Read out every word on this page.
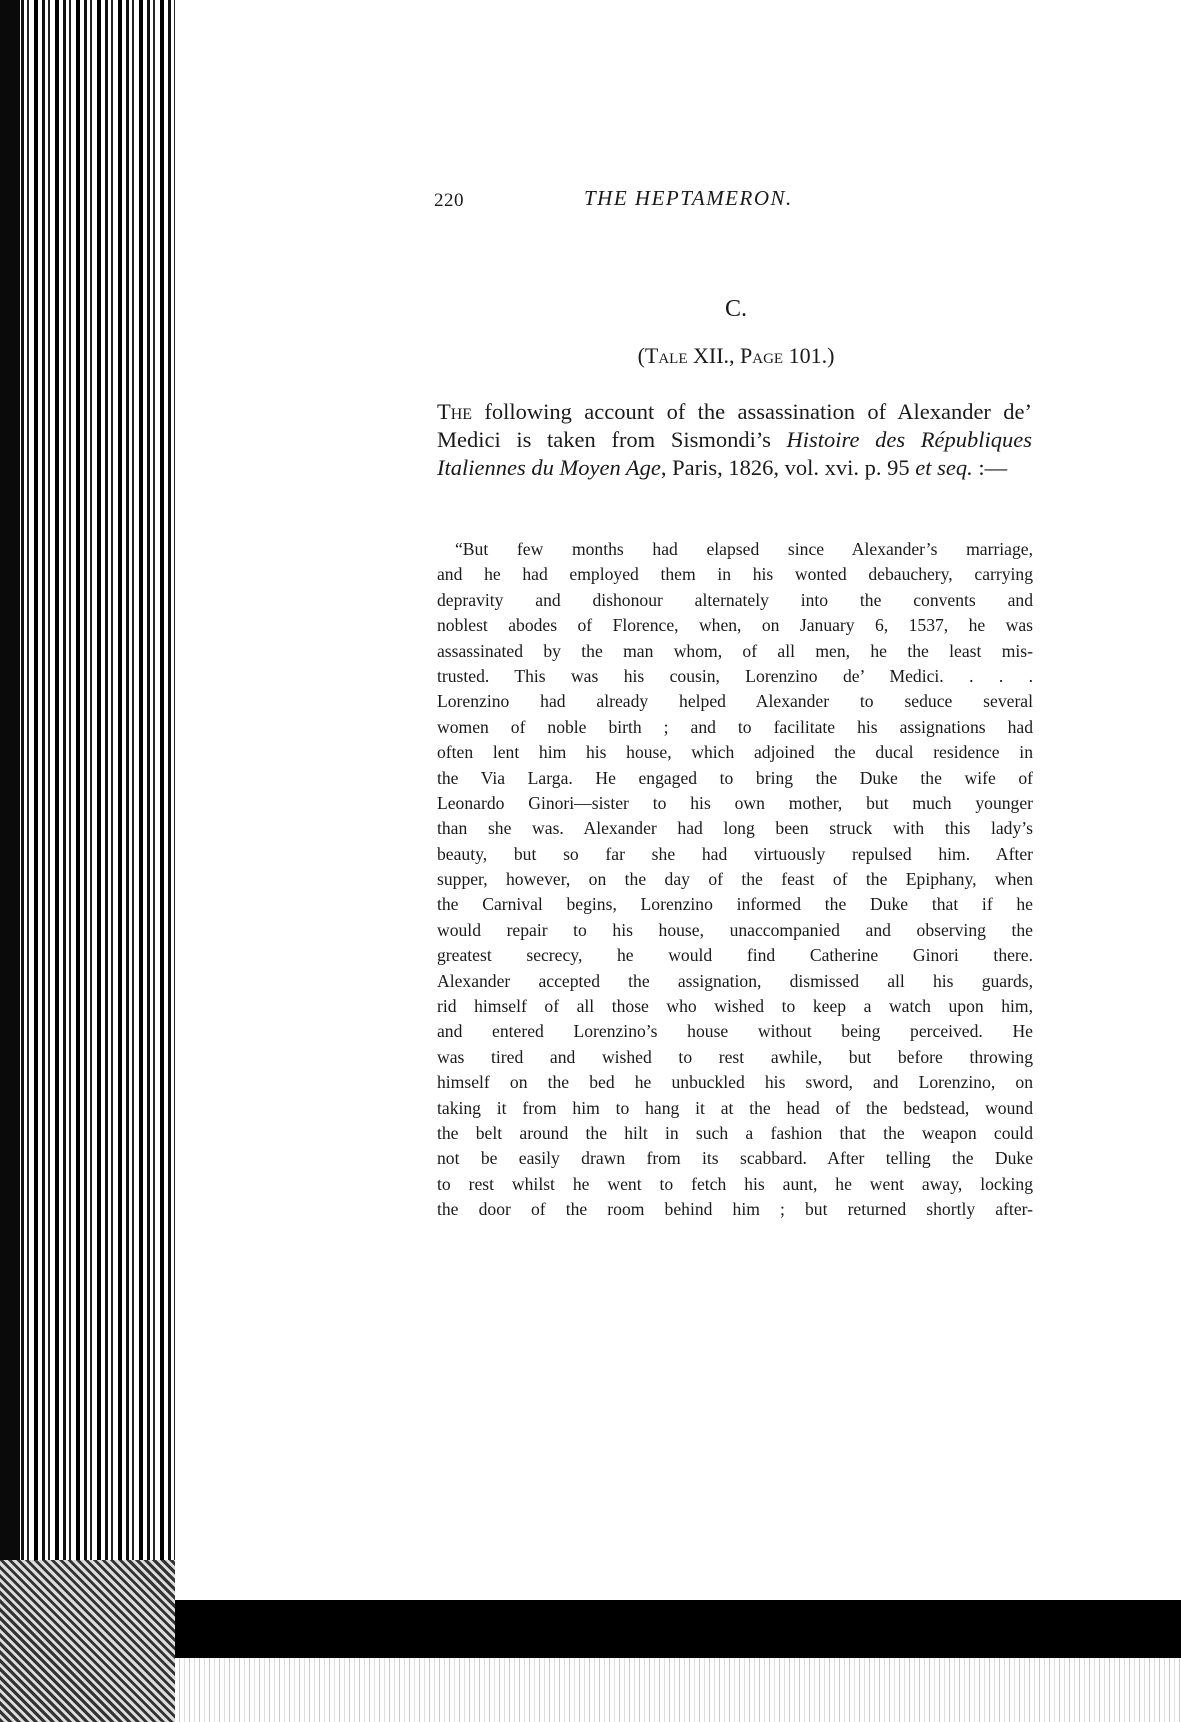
220	THE HEPTAMERON.
C.
(Tale XII., Page 101.)

The following account of the assassination of Alexander de’ Medici is taken from Sismondi’s Histoire des Républiques Italiennes du Moyen Age, Paris, 1826, vol. xvi. p. 95 et seq. :—

“But few months had elapsed since Alexander’s marriage,
and he had employed them in his wonted debauchery, carrying
depravity and dishonour alternately into the convents and
noblest abodes of Florence, when, on January 6, 1537, he was
assassinated by the man whom, of all men, he the least mis-
trusted. This was his cousin, Lorenzino de’ Medici. . . .
Lorenzino had already helped Alexander to seduce several
women of noble birth ; and to facilitate his assignations had
often lent him his house, which adjoined the ducal residence in
the Via Larga. He engaged to bring the Duke the wife of
Leonardo Ginori—sister to his own mother, but much younger
than she was. Alexander had long been struck with this lady’s
beauty, but so far she had virtuously repulsed him. After
supper, however, on the day of the feast of the Epiphany, when
the Carnival begins, Lorenzino informed the Duke that if he
would repair to his house, unaccompanied and observing the
greatest secrecy, he would find Catherine Ginori there.
Alexander accepted the assignation, dismissed all his guards,
rid himself of all those who wished to keep a watch upon him,
and entered Lorenzino’s house without being perceived. He
was tired and wished to rest awhile, but before throwing
himself on the bed he unbuckled his sword, and Lorenzino, on
taking it from him to hang it at the head of the bedstead, wound
the belt around the hilt in such a fashion that the weapon could
not be easily drawn from its scabbard. After telling the Duke
to rest whilst he went to fetch his aunt, he went away, locking
the door of the room behind him ; but returned shortly after-
